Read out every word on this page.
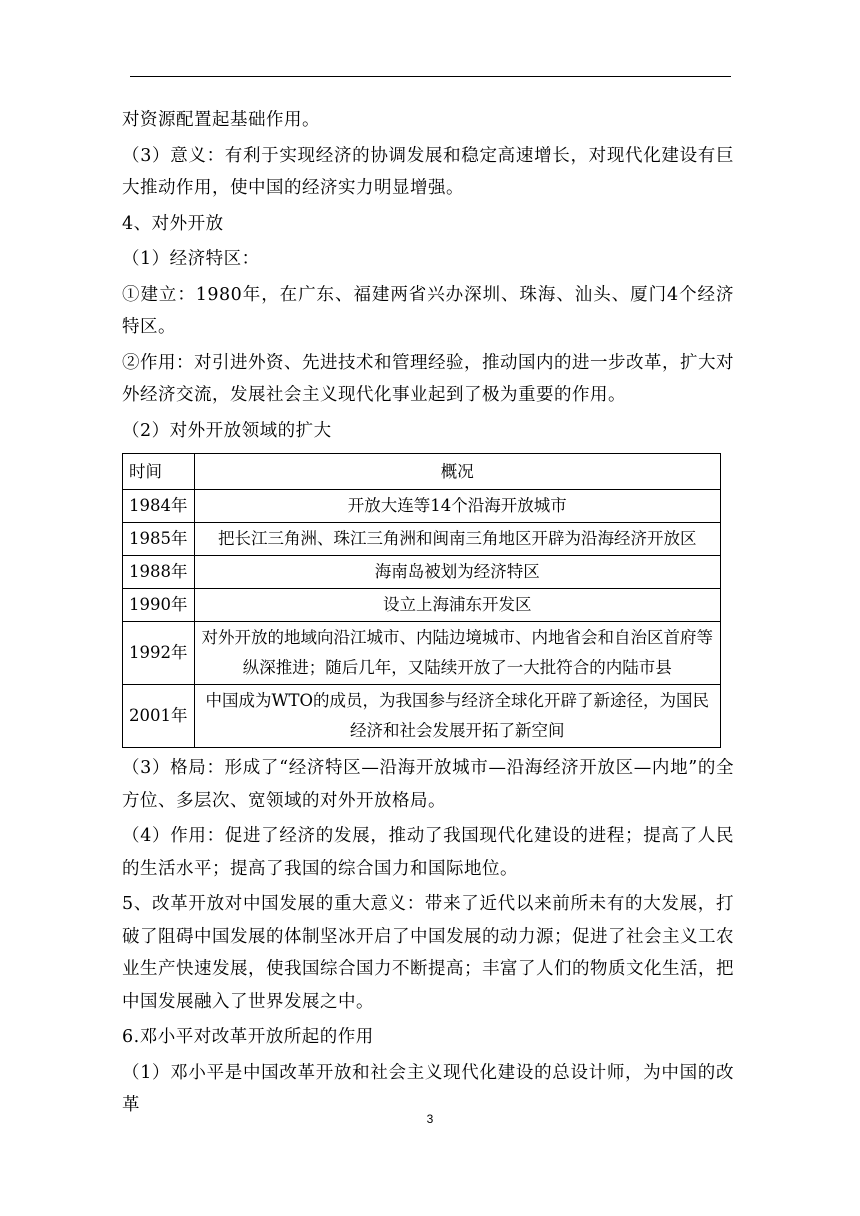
对资源配置起基础作用。

（3）意义：有利于实现经济的协调发展和稳定高速增长，对现代化建设有巨大推动作用，使中国的经济实力明显增强。

4、对外开放

（1）经济特区：

①建立：1980年，在广东、福建两省兴办深圳、珠海、汕头、厦门4个经济特区。

②作用：对引进外资、先进技术和管理经验，推动国内的进一步改革，扩大对外经济交流，发展社会主义现代化事业起到了极为重要的作用。

（2）对外开放领域的扩大

时间	概况
1984年	开放大连等14个沿海开放城市
1985年	把长江三角洲、珠江三角洲和闽南三角地区开辟为沿海经济开放区
1988年	海南岛被划为经济特区
1990年	设立上海浦东开发区
1992年	对外开放的地域向沿江城市、内陆边境城市、内地省会和自治区首府等纵深推进；随后几年，又陆续开放了一大批符合的内陆市县
2001年	中国成为WTO的成员，为我国参与经济全球化开辟了新途径，为国民经济和社会发展开拓了新空间

（3）格局：形成了“经济特区—沿海开放城市—沿海经济开放区—内地”的全方位、多层次、宽领域的对外开放格局。

（4）作用：促进了经济的发展，推动了我国现代化建设的进程；提高了人民的生活水平；提高了我国的综合国力和国际地位。

5、改革开放对中国发展的重大意义：带来了近代以来前所未有的大发展，打破了阻碍中国发展的体制坚冰开启了中国发展的动力源；促进了社会主义工农业生产快速发展，使我国综合国力不断提高；丰富了人们的物质文化生活，把中国发展融入了世界发展之中。

6.邓小平对改革开放所起的作用

（1）邓小平是中国改革开放和社会主义现代化建设的总设计师，为中国的改革

3
